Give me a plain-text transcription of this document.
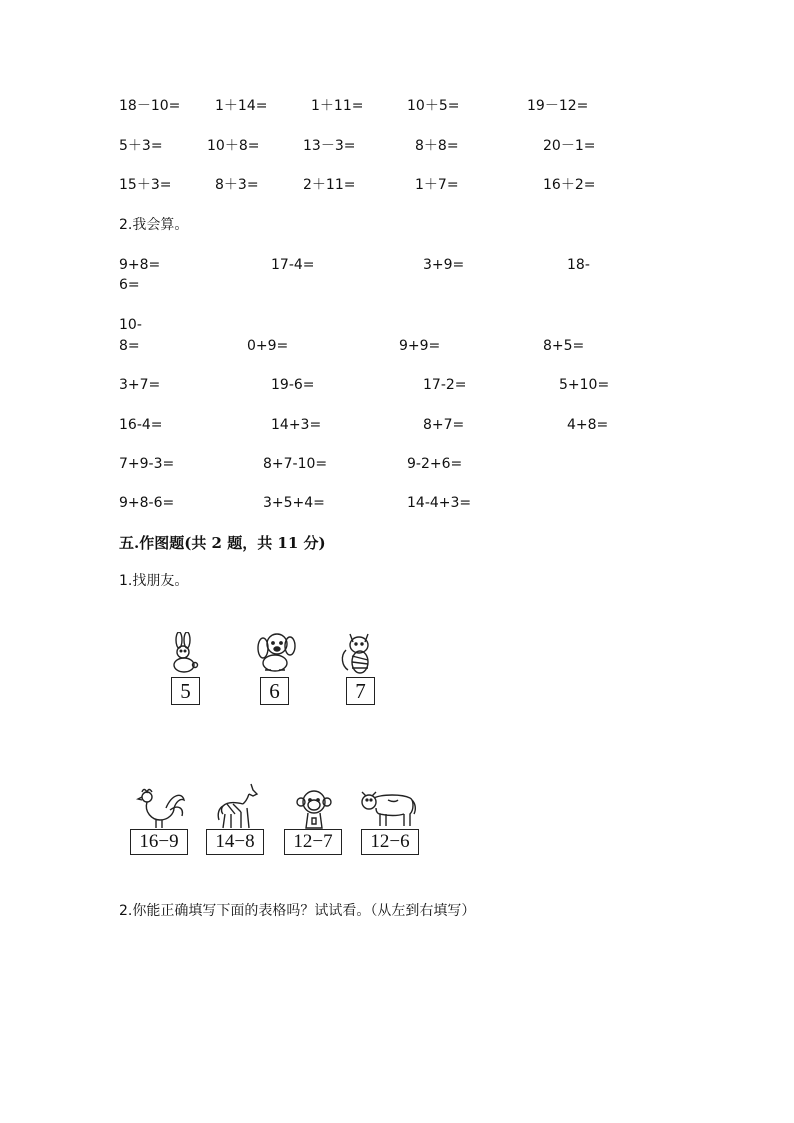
18－10= 1＋14=	1＋11=	10＋5=	19－12=
5＋3=	10＋8=	13－3=	8＋8=	20－1=
15＋3=	8＋3=	2＋11=	1＋7=	16＋2=
2.我会算。
9+8=	17-4=	3+9=	18-
6=
10-
8=	0+9=	9+9=	8+5=
3+7=	19-6=	17-2=	5+10=
16-4=	14+3=	8+7=	4+8=
7+9-3=	8+7-10=	9-2+6=
9+8-6=	3+5+4=	14-4+3=
五.作图题(共 2 题，共 11 分)
1.找朋友。
5	6	7
16−9	14−8	12−7	12−6
2.你能正确填写下面的表格吗？试试看。（从左到右填写）
